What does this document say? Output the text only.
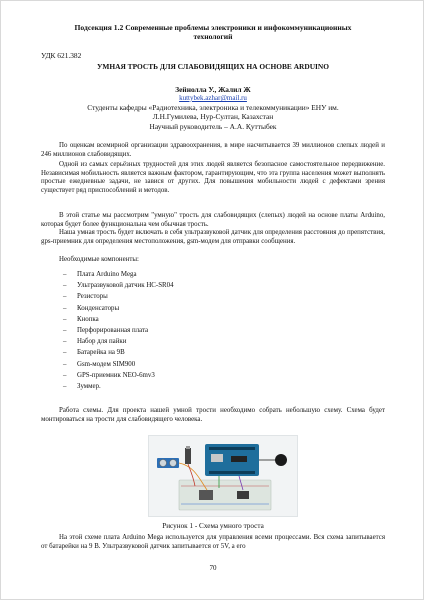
Подсекция 1.2 Современные проблемы электроники и инфокоммуникационных технологий
УДК 621.382
УМНАЯ ТРОСТЬ ДЛЯ СЛАБОВИДЯЩИХ НА ОСНОВЕ ARDUINO
Зейноллa У., Жалил Ж
kuttybek.azhar@mail.ru
Студенты кафедры «Радиотехника, электроника и телекоммуникации» ЕНУ им.
Л.Н.Гумилева, Нур-Султан, Казахстан
Научный руководитель – А.А. Қуттыбек
По оценкам всемирной организации здравоохранения, в мире насчитывается 39 миллионов слепых людей и 246 миллионов слабовидящих.
Одной из самых серьёзных трудностей для этих людей является безопасное самостоятельное передвижение. Независимая мобильность является важным фактором, гарантирующим, что эта группа населения может выполнять простые ежедневные задачи, не завися от других. Для повышения мобильности людей с дефектами зрения существует ряд приспособлений и методов.
В этой статье мы рассмотрим "умную" трость для слабовидящих (слепых) людей на основе платы Arduino, которая будет более функциональна чем обычная трость.
Наша умная трость будет включать в себя ультразвуковой датчик для определения расстояния до препятствия, gps-приемник для определения местоположения, gsm-модем для отправки сообщения.
Необходимые компоненты:
– Плата Arduino Mega
– Ультразвуковой датчик HC-SR04
– Резисторы
– Конденсаторы
– Кнопка
– Перфорированная плата
– Набор для пайки
– Батарейка на 9В
– Gsm-модем SIM900
– GPS-приемник NEO-6mv3
– Зуммер.
Работа схемы. Для проекта нашей умной трости необходимо собрать небольшую схему. Схема будет монтироваться на трости для слабовидящего человека.
Рисунок 1 - Схема умного троста
На этой схеме плата Arduino Mega используется для управления всеми процессами. Вся схема запитывается от батарейки на 9 В. Ультразвуковой датчик запитывается от 5V, а его
70
